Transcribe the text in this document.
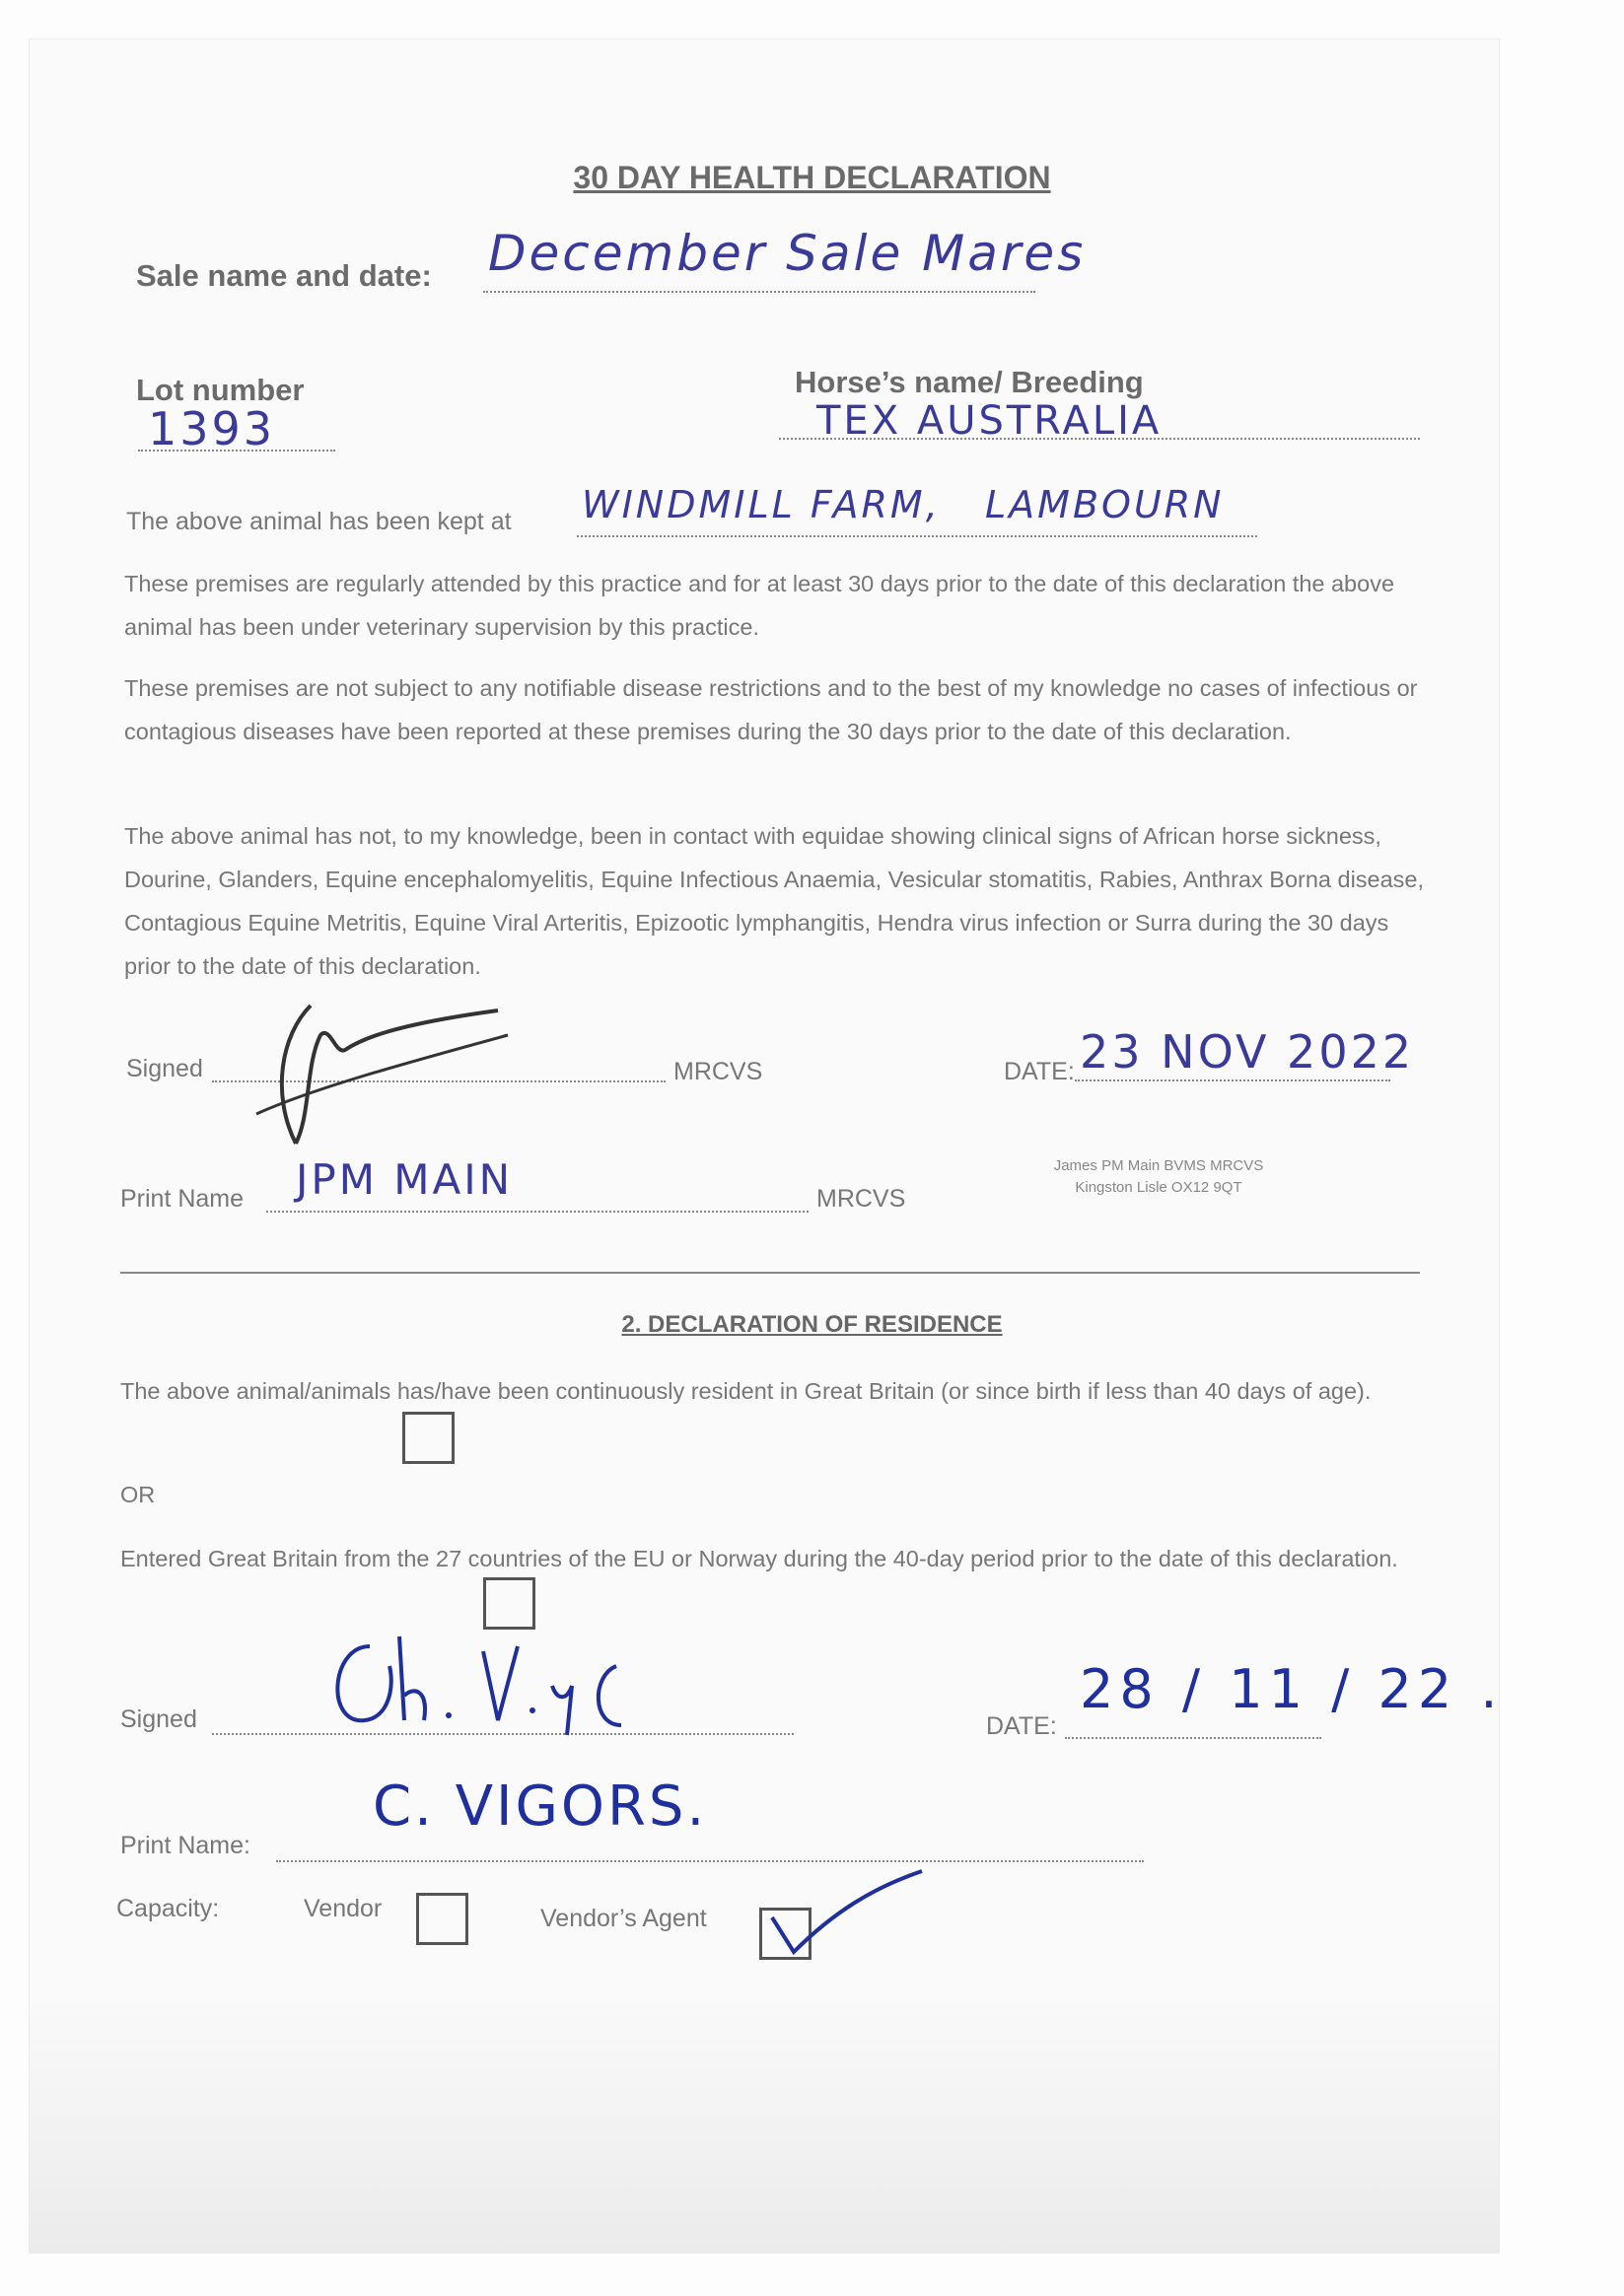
30 DAY HEALTH DECLARATION
Sale name and date: December Sale Mares
Lot number
1393
Horse’s name/ Breeding
TEX AUSTRALIA
The above animal has been kept at WINDMILL FARM,   LAMBOURN
These premises are regularly attended by this practice and for at least 30 days prior to the date of this declaration the above animal has been under veterinary supervision by this practice.
These premises are not subject to any notifiable disease restrictions and to the best of my knowledge no cases of infectious or contagious diseases have been reported at these premises during the 30 days prior to the date of this declaration.
The above animal has not, to my knowledge, been in contact with equidae showing clinical signs of African horse sickness, Dourine, Glanders, Equine encephalomyelitis, Equine Infectious Anaemia, Vesicular stomatitis, Rabies, Anthrax Borna disease, Contagious Equine Metritis, Equine Viral Arteritis, Epizootic lymphangitis, Hendra virus infection or Surra during the 30 days prior to the date of this declaration.
Signed	MRCVS	DATE: 23 NOV 2022
Print Name JPM MAIN	MRCVS
James PM Main BVMS MRCVS
Kingston Lisle OX12 9QT
2. DECLARATION OF RESIDENCE
The above animal/animals has/have been continuously resident in Great Britain (or since birth if less than 40 days of age).
OR
Entered Great Britain from the 27 countries of the EU or Norway during the 40-day period prior to the date of this declaration.
Signed	DATE:
28 / 11 / 22 .
Print Name:
C. VIGORS.
Capacity:	Vendor	Vendor’s Agent
